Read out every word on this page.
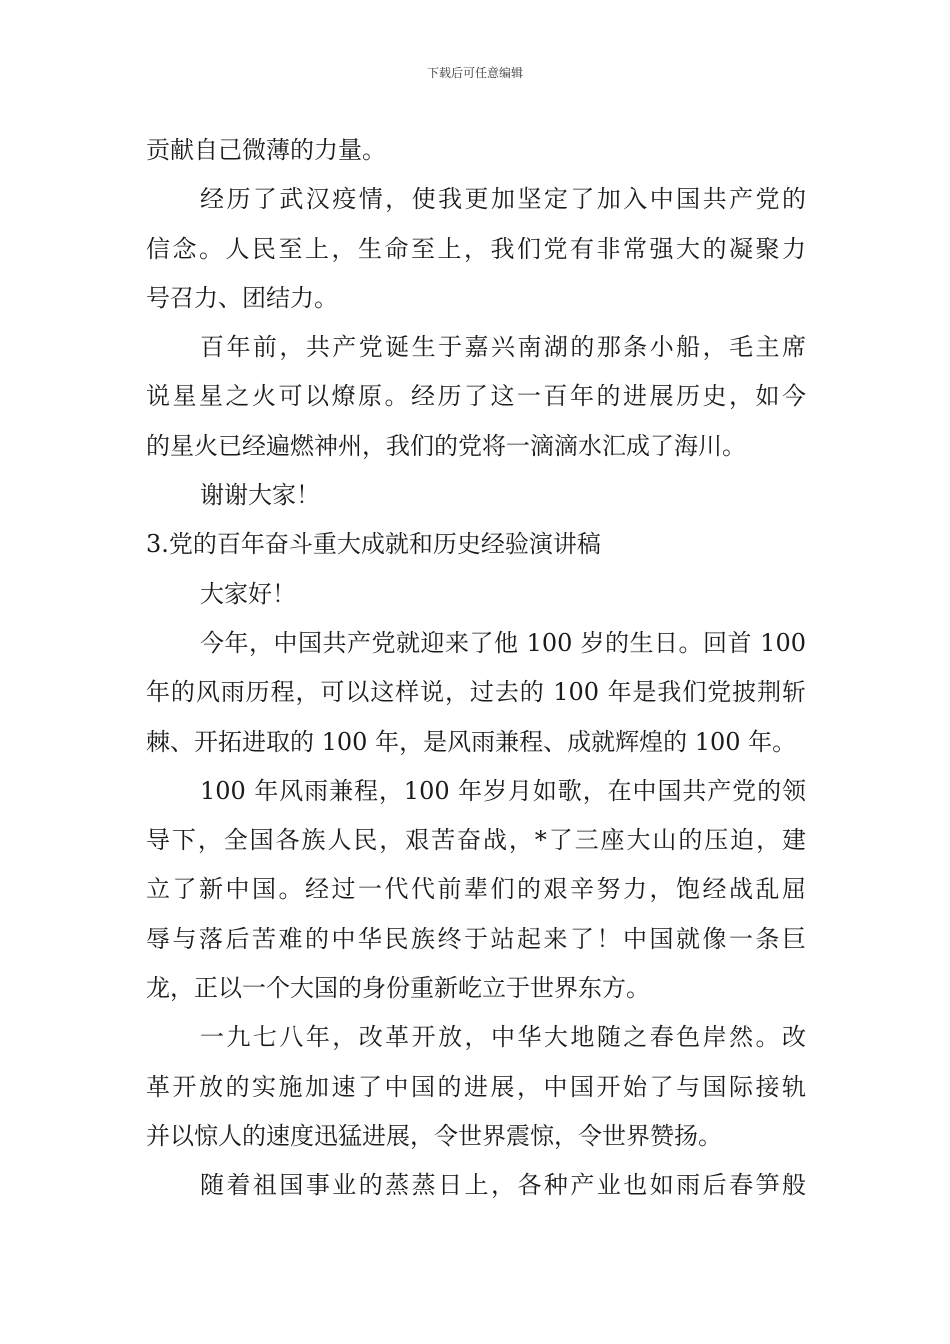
下载后可任意编辑
贡献自己微薄的力量。
经历了武汉疫情，使我更加坚定了加入中国共产党的
信念。人民至上，生命至上，我们党有非常强大的凝聚力
号召力、团结力。
百年前，共产党诞生于嘉兴南湖的那条小船，毛主席
说星星之火可以燎原。经历了这一百年的进展历史，如今
的星火已经遍燃神州，我们的党将一滴滴水汇成了海川。
谢谢大家！
3.党的百年奋斗重大成就和历史经验演讲稿
大家好！
今年，中国共产党就迎来了他 100 岁的生日。回首 100
年的风雨历程，可以这样说，过去的 100 年是我们党披荆斩
棘、开拓进取的 100 年，是风雨兼程、成就辉煌的 100 年。
100 年风雨兼程，100 年岁月如歌，在中国共产党的领
导下，全国各族人民，艰苦奋战，*了三座大山的压迫，建
立了新中国。经过一代代前辈们的艰辛努力，饱经战乱屈
辱与落后苦难的中华民族终于站起来了！中国就像一条巨
龙，正以一个大国的身份重新屹立于世界东方。
一九七八年，改革开放，中华大地随之春色岸然。改
革开放的实施加速了中国的进展，中国开始了与国际接轨
并以惊人的速度迅猛进展，令世界震惊，令世界赞扬。
随着祖国事业的蒸蒸日上，各种产业也如雨后春笋般
